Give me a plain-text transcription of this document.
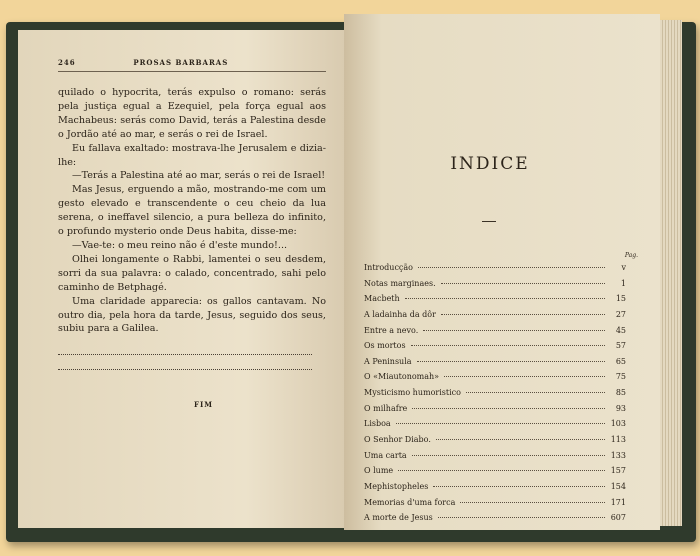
246	PROSAS BARBARAS

quilado o hypocrita, terás expulso o romano: serás pela justiça egual a Ezequiel, pela força egual aos Machabeus: serás como David, terás a Palestina desde o Jordão até ao mar, e serás o rei de Israel.

Eu fallava exaltado: mostrava-lhe Jerusalem e dizia-lhe:

—Terás a Palestina até ao mar, serás o rei de Israel!

Mas Jesus, erguendo a mão, mostrando-me com um gesto elevado e transcendente o ceu cheio da lua serena, o ineffavel silencio, a pura belleza do infinito, o profundo mysterio onde Deus habita, disse-me:

—Vae-te: o meu reino não é d'este mundo!...

Olhei longamente o Rabbi, lamentei o seu desdem, sorri da sua palavra: o calado, concentrado, sahi pelo caminho de Betphagé.

Uma claridade apparecia: os gallos cantavam. No outro dia, pela hora da tarde, Jesus, seguido dos seus, subiu para a Galilea.

FIM
INDICE
Pag.
Introducção	v
Notas marginaes.	1
Macbeth	15
A ladainha da dôr	27
Entre a nevo.	45
Os mortos	57
A Peninsula	65
O «Miautonomah»	75
Mysticismo humoristico	85
O milhafre	93
Lisboa	103
O Senhor Diabo.	113
Uma carta	133
O lume	157
Mephistopheles	154
Memorias d'uma forca	171
A morte de Jesus	607
